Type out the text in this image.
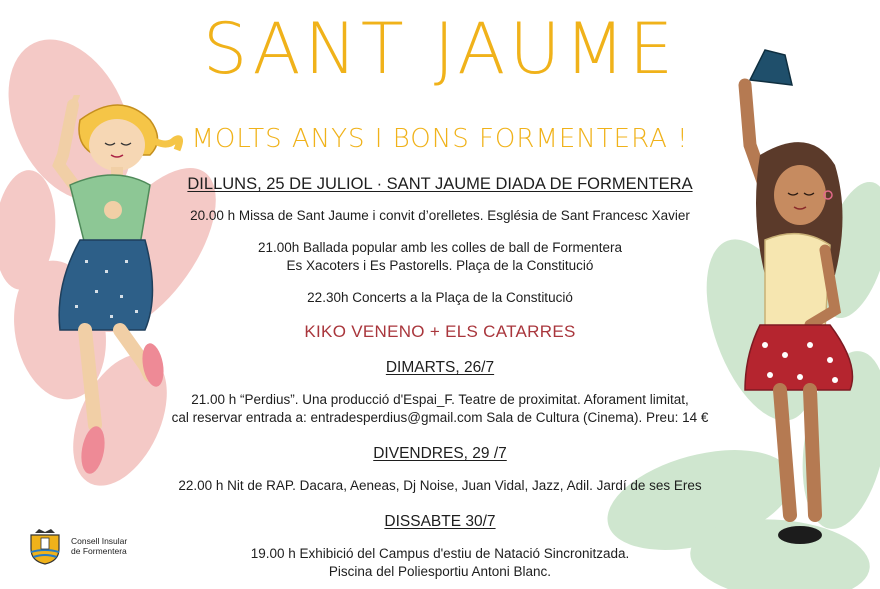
SANT JAUME
MOLTS ANYS I BONS FORMENTERA !
DILLUNS, 25 DE JULIOL · SANT JAUME DIADA DE FORMENTERA
20.00 h Missa de Sant Jaume i convit d’orelletes. Església de Sant Francesc Xavier
21.00h Ballada popular amb les colles de ball de Formentera
Es Xacoters i Es Pastorells. Plaça de la Constitució
22.30h Concerts a la Plaça de la Constitució
KIKO VENENO + ELS CATARRES
DIMARTS, 26/7
21.00 h “Perdius”. Una producció d'Espai_F. Teatre de proximitat. Aforament limitat,
cal reservar entrada a: entradesperdius@gmail.com Sala de Cultura (Cinema). Preu: 14 €
DIVENDRES, 29 /7
22.00 h Nit de RAP. Dacara, Aeneas, Dj Noise, Juan Vidal, Jazz, Adil. Jardí de ses Eres
DISSABTE 30/7
19.00 h Exhibició del Campus d'estiu de Natació Sincronitzada.
Piscina del Poliesportiu Antoni Blanc.
Consell Insular
de Formentera
